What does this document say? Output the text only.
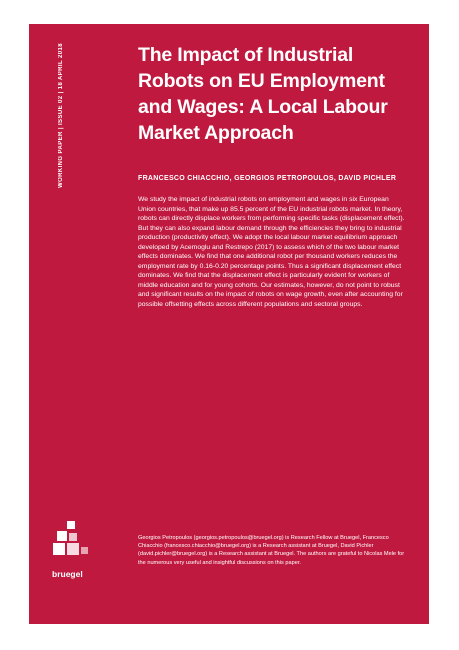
WORKING PAPER | ISSUE 02 | 18 APRIL 2018	The Impact of Industrial Robots on EU Employment and Wages: A Local Labour Market Approach

FRANCESCO CHIACCHIO, GEORGIOS PETROPOULOS, DAVID PICHLER

We study the impact of industrial robots on employment and wages in six European Union countries, that make up 85.5 percent of the EU industrial robots market. In theory, robots can directly displace workers from performing specific tasks (displacement effect). But they can also expand labour demand through the efficiencies they bring to industrial production (productivity effect). We adopt the local labour market equilibrium approach developed by Acemoglu and Restrepo (2017) to assess which of the two labour market effects dominates. We find that one additional robot per thousand workers reduces the employment rate by 0.16-0.20 percentage points. Thus a significant displacement effect dominates. We find that the displacement effect is particularly evident for workers of middle education and for young cohorts. Our estimates, however, do not point to robust and significant results on the impact of robots on wage growth, even after accounting for possible offsetting effects across different populations and sectoral groups.

bruegel

Georgios Petropoulos (georgios.petropoulos@bruegel.org) is Research Fellow at Bruegel, Francesco Chiacchio (francesco.chiacchio@bruegel.org) is a Research assistant at Bruegel, David Pichler (david.pichler@bruegel.org) is a Research assistant at Bruegel. The authors are grateful to Nicolas Mele for the numerous very useful and insightful discussions on this paper.
